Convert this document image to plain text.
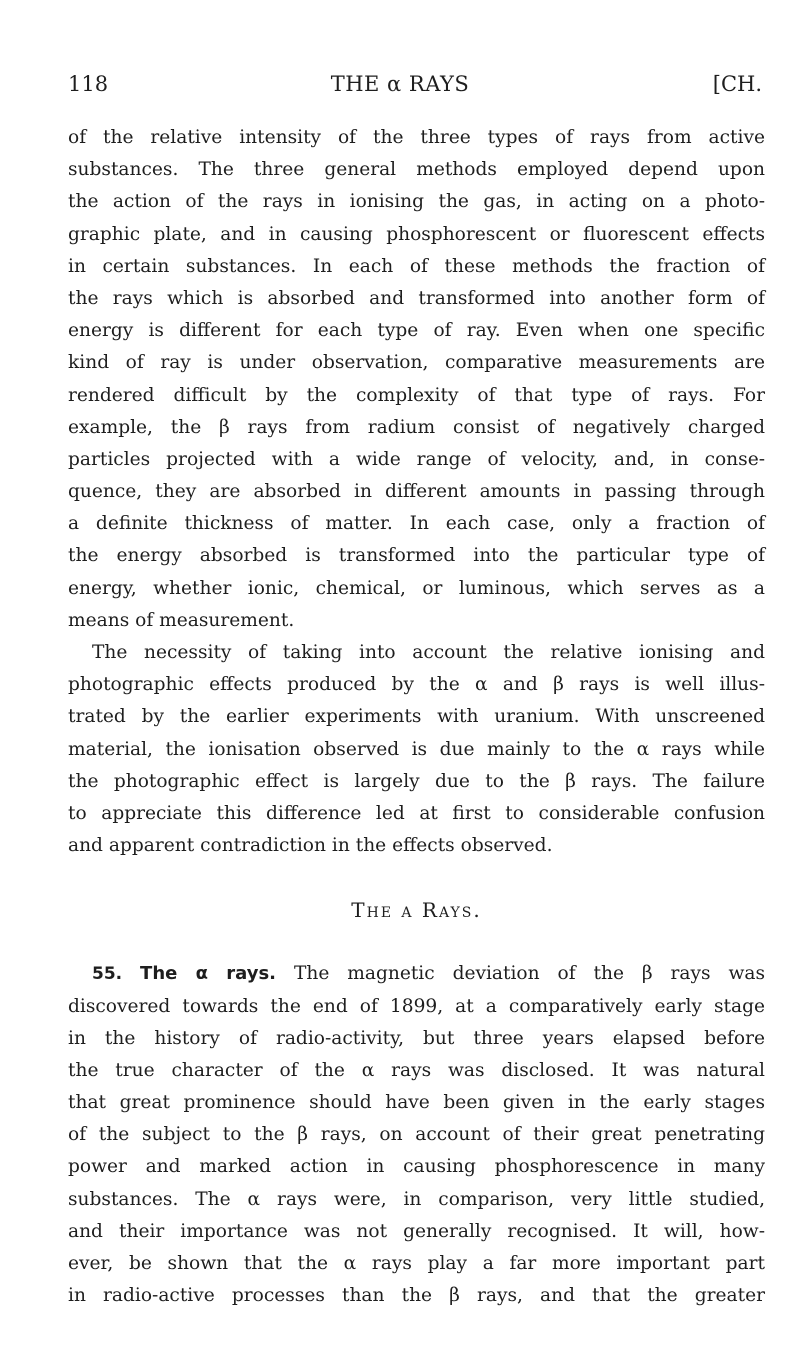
118	THE α RAYS	[CH.
of the relative intensity of the three types of rays from active
substances. The three general methods employed depend upon
the action of the rays in ionising the gas, in acting on a photo-
graphic plate, and in causing phosphorescent or fluorescent effects
in certain substances. In each of these methods the fraction of
the rays which is absorbed and transformed into another form of
energy is different for each type of ray. Even when one specific
kind of ray is under observation, comparative measurements are
rendered difficult by the complexity of that type of rays. For
example, the β rays from radium consist of negatively charged
particles projected with a wide range of velocity, and, in conse-
quence, they are absorbed in different amounts in passing through
a definite thickness of matter. In each case, only a fraction of
the energy absorbed is transformed into the particular type of
energy, whether ionic, chemical, or luminous, which serves as a
means of measurement.
The necessity of taking into account the relative ionising and
photographic effects produced by the α and β rays is well illus-
trated by the earlier experiments with uranium. With unscreened
material, the ionisation observed is due mainly to the α rays while
the photographic effect is largely due to the β rays. The failure
to appreciate this difference led at first to considerable confusion
and apparent contradiction in the effects observed.
The α Rays.
55. The α rays. The magnetic deviation of the β rays was
discovered towards the end of 1899, at a comparatively early stage
in the history of radio-activity, but three years elapsed before
the true character of the α rays was disclosed. It was natural
that great prominence should have been given in the early stages
of the subject to the β rays, on account of their great penetrating
power and marked action in causing phosphorescence in many
substances. The α rays were, in comparison, very little studied,
and their importance was not generally recognised. It will, how-
ever, be shown that the α rays play a far more important part
in radio-active processes than the β rays, and that the greater
